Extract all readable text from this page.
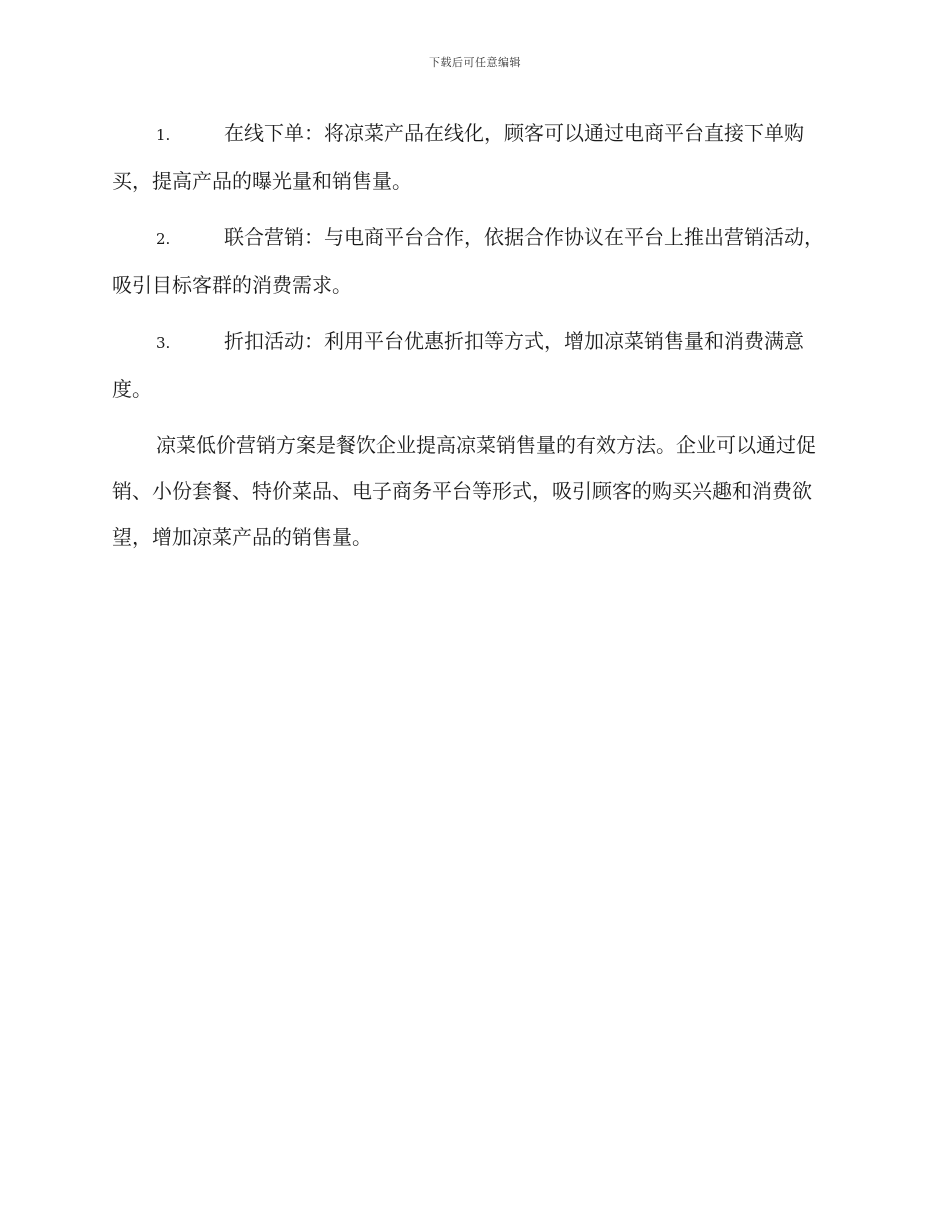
下载后可任意编辑

1.	在线下单：将凉菜产品在线化，顾客可以通过电商平台直接下单购买，提高产品的曝光量和销售量。

2.	联合营销：与电商平台合作，依据合作协议在平台上推出营销活动，吸引目标客群的消费需求。

3.	折扣活动：利用平台优惠折扣等方式，增加凉菜销售量和消费满意度。

凉菜低价营销方案是餐饮企业提高凉菜销售量的有效方法。企业可以通过促销、小份套餐、特价菜品、电子商务平台等形式，吸引顾客的购买兴趣和消费欲望，增加凉菜产品的销售量。
